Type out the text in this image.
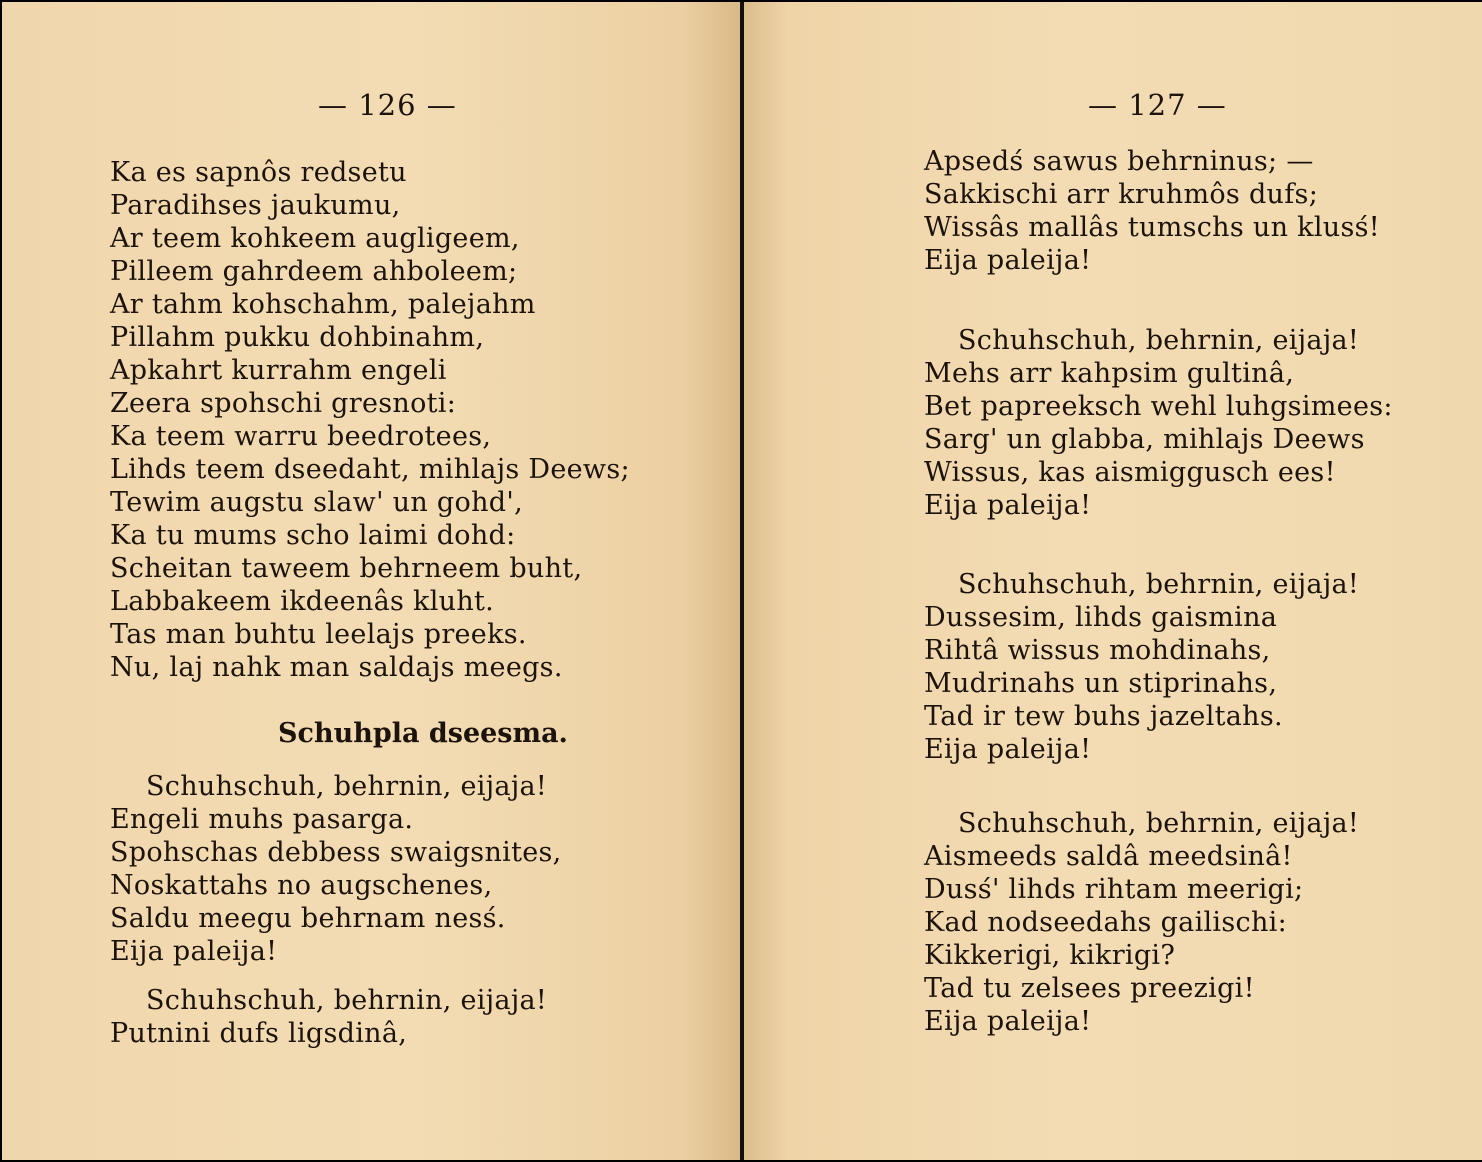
— 126 —
Ka es sapnôs redsetu
Paradihses jaukumu,
Ar teem kohkeem augligeem,
Pilleem gahrdeem ahboleem;
Ar tahm kohschahm, palejahm
Pillahm pukku dohbinahm,
Apkahrt kurrahm engeli
Zeera spohschi gresnoti:
Ka teem warru beedrotees,
Lihds teem dseedaht, mihlajs Deews;
Tewim augstu slaw' un gohd',
Ka tu mums scho laimi dohd:
Scheitan taweem behrneem buht,
Labbakeem ikdeenâs kluht.
Tas man buhtu leelajs preeks.
Nu, laj nahk man saldajs meegs.
Schuhpla dseesma.
Schuhschuh, behrnin, eijaja!
Engeli muhs pasarga.
Spohschas debbess swaigsnites,
Noskattahs no augschenes,
Saldu meegu behrnam nesś.
Eija paleija!
Schuhschuh, behrnin, eijaja!
Putnini dufs ligsdinâ,
— 127 —
Apsedś sawus behrninus; —
Sakkischi arr kruhmôs dufs;
Wissâs mallâs tumschs un klusś!
Eija paleija!
Schuhschuh, behrnin, eijaja!
Mehs arr kahpsim gultinâ,
Bet papreeksch wehl luhgsimees:
Sarg' un glabba, mihlajs Deews
Wissus, kas aismiggusch ees!
Eija paleija!
Schuhschuh, behrnin, eijaja!
Dussesim, lihds gaismina
Rihtâ wissus mohdinahs,
Mudrinahs un stiprinahs,
Tad ir tew buhs jazeltahs.
Eija paleija!
Schuhschuh, behrnin, eijaja!
Aismeeds saldâ meedsinâ!
Dusś' lihds rihtam meerigi;
Kad nodseedahs gailischi:
Kikkerigi, kikrigi?
Tad tu zelsees preezigi!
Eija paleija!
